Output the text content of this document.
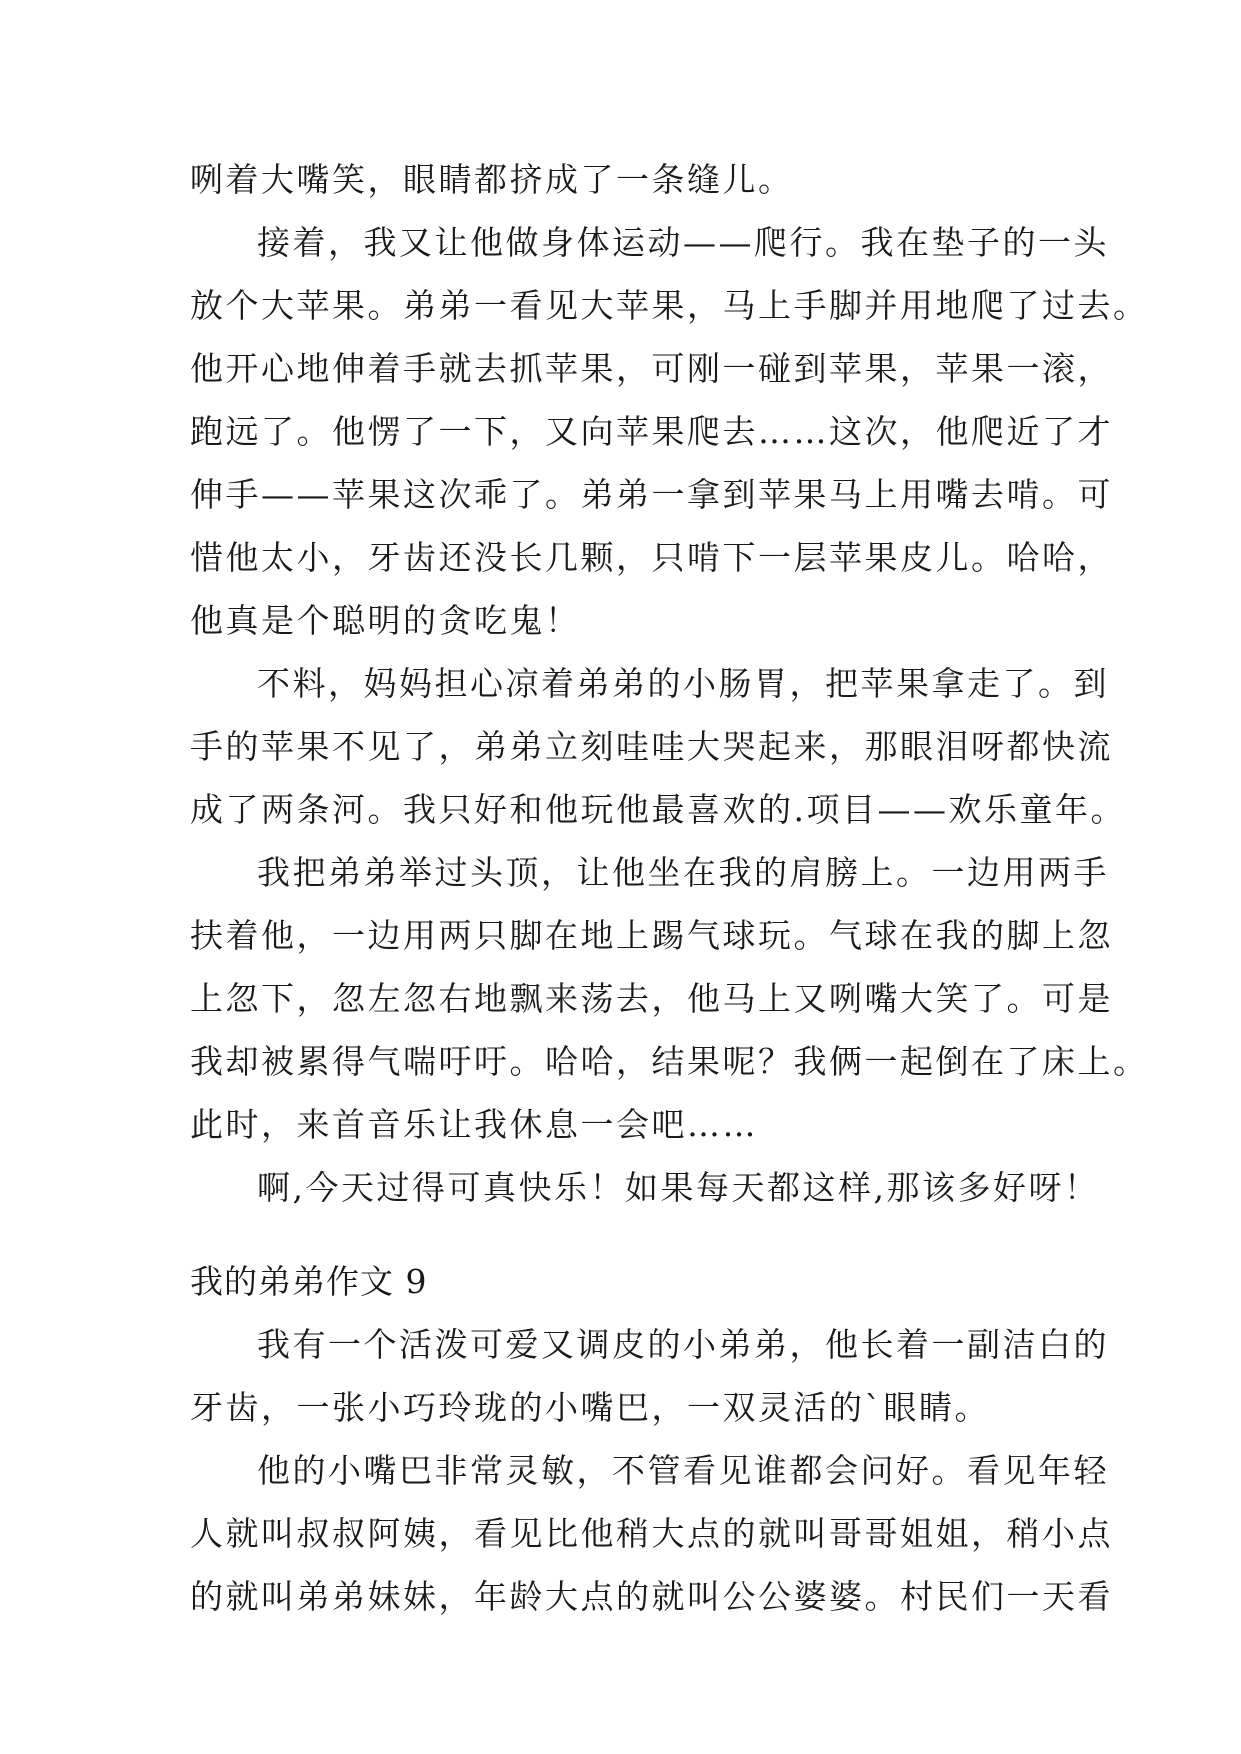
咧着大嘴笑，眼睛都挤成了一条缝儿。
接着，我又让他做身体运动——爬行。我在垫子的一头
放个大苹果。弟弟一看见大苹果，马上手脚并用地爬了过去。
他开心地伸着手就去抓苹果，可刚一碰到苹果，苹果一滚，
跑远了。他愣了一下，又向苹果爬去……这次，他爬近了才
伸手——苹果这次乖了。弟弟一拿到苹果马上用嘴去啃。可
惜他太小，牙齿还没长几颗，只啃下一层苹果皮儿。哈哈，
他真是个聪明的贪吃鬼！
不料，妈妈担心凉着弟弟的小肠胃，把苹果拿走了。到
手的苹果不见了，弟弟立刻哇哇大哭起来，那眼泪呀都快流
成了两条河。我只好和他玩他最喜欢的.项目——欢乐童年。
我把弟弟举过头顶，让他坐在我的肩膀上。一边用两手
扶着他，一边用两只脚在地上踢气球玩。气球在我的脚上忽
上忽下，忽左忽右地飘来荡去，他马上又咧嘴大笑了。可是
我却被累得气喘吁吁。哈哈，结果呢？我俩一起倒在了床上。
此时，来首音乐让我休息一会吧……
啊,今天过得可真快乐！如果每天都这样,那该多好呀！
我的弟弟作文 9
我有一个活泼可爱又调皮的小弟弟，他长着一副洁白的
牙齿，一张小巧玲珑的小嘴巴，一双灵活的`眼睛。
他的小嘴巴非常灵敏，不管看见谁都会问好。看见年轻
人就叫叔叔阿姨，看见比他稍大点的就叫哥哥姐姐，稍小点
的就叫弟弟妹妹，年龄大点的就叫公公婆婆。村民们一天看
